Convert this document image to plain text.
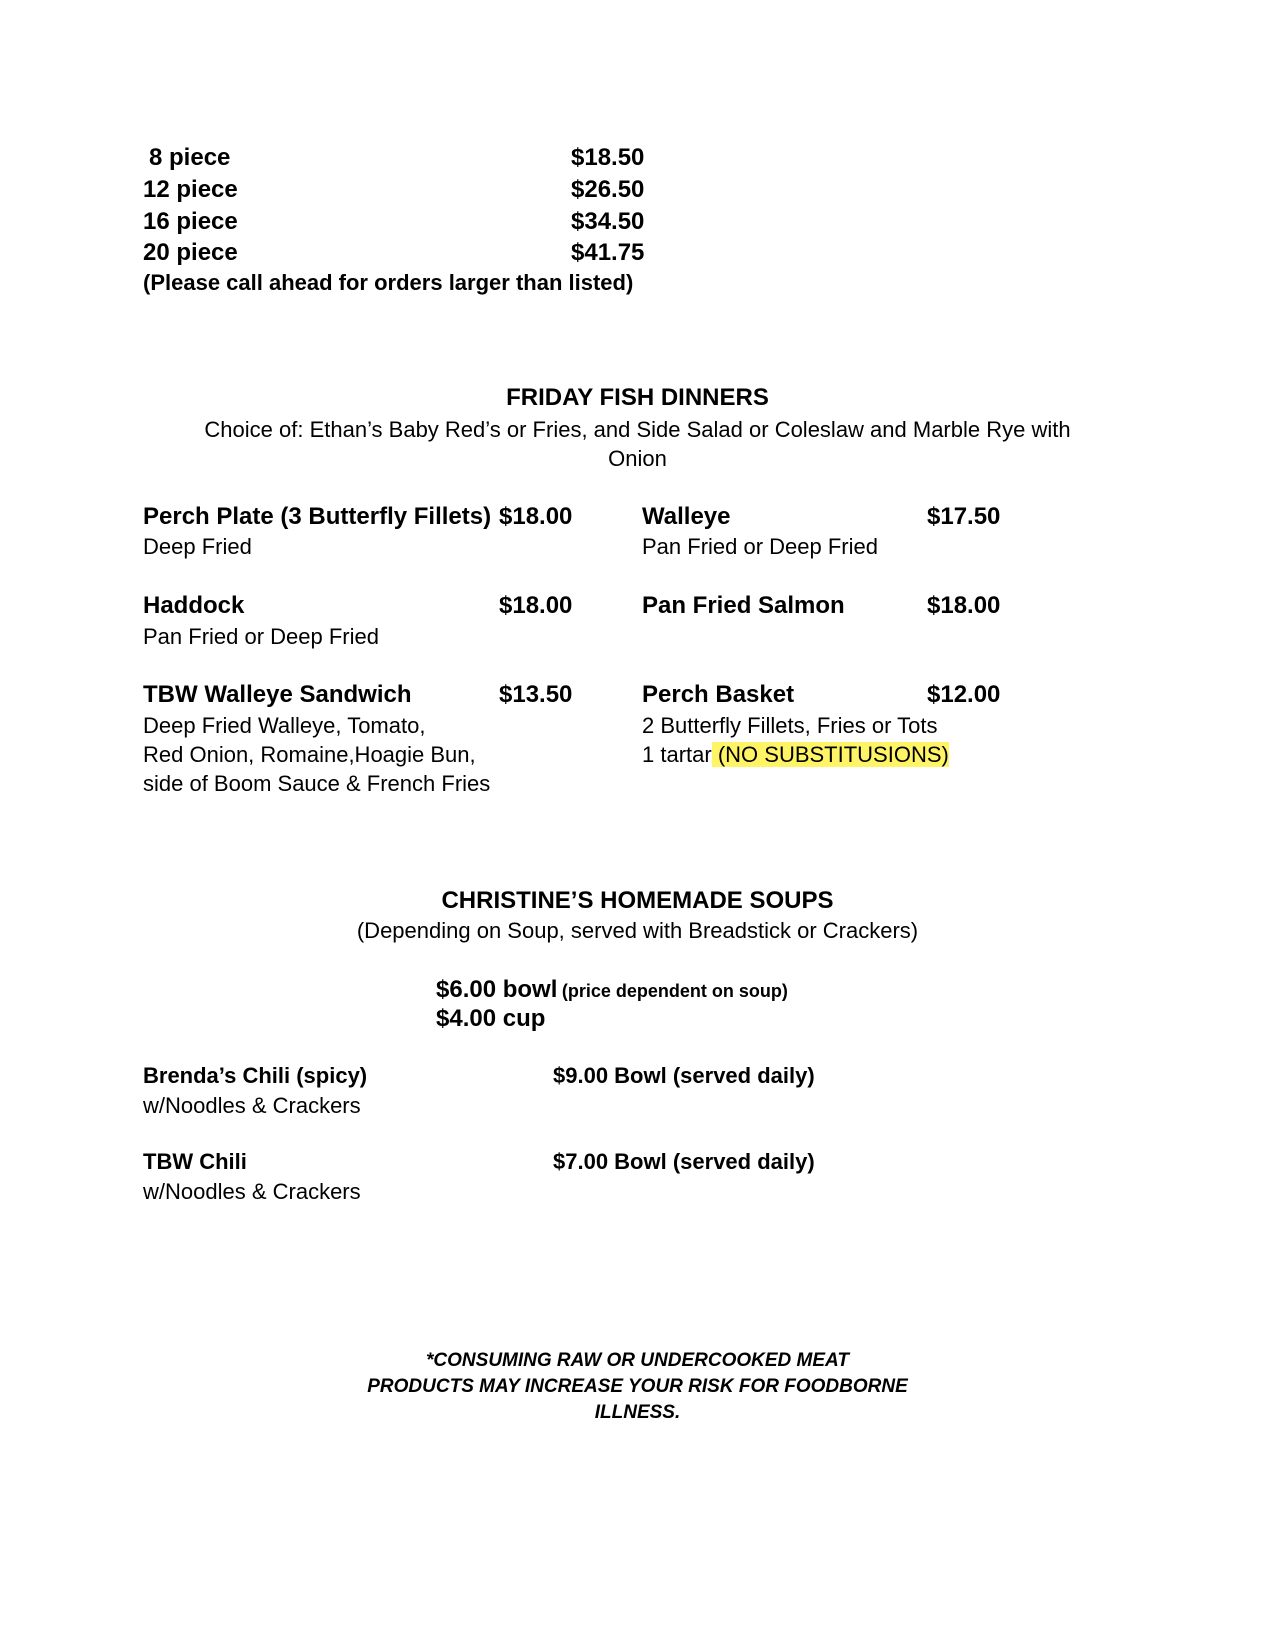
8 piece	$18.50
12 piece	$26.50
16 piece	$34.50
20 piece	$41.75
(Please call ahead for orders larger than listed)
FRIDAY FISH DINNERS
Choice of: Ethan’s Baby Red’s or Fries, and Side Salad or Coleslaw and Marble Rye with
Onion
Perch Plate (3 Butterfly Fillets) $18.00
Deep Fried
Walleye	$17.50
Pan Fried or Deep Fried
Haddock	$18.00
Pan Fried or Deep Fried
Pan Fried Salmon	$18.00
TBW Walleye Sandwich	$13.50
Deep Fried Walleye, Tomato,
Red Onion, Romaine,Hoagie Bun,
side of Boom Sauce & French Fries
Perch Basket	$12.00
2 Butterfly Fillets, Fries or Tots
1 tartar (NO SUBSTITUSIONS)
CHRISTINE’S HOMEMADE SOUPS
(Depending on Soup, served with Breadstick or Crackers)
$6.00 bowl (price dependent on soup)
$4.00 cup
Brenda’s Chili (spicy)	$9.00 Bowl (served daily)
w/Noodles & Crackers
TBW Chili	$7.00 Bowl (served daily)
w/Noodles & Crackers
*CONSUMING RAW OR UNDERCOOKED MEAT
PRODUCTS MAY INCREASE YOUR RISK FOR FOODBORNE
ILLNESS.
